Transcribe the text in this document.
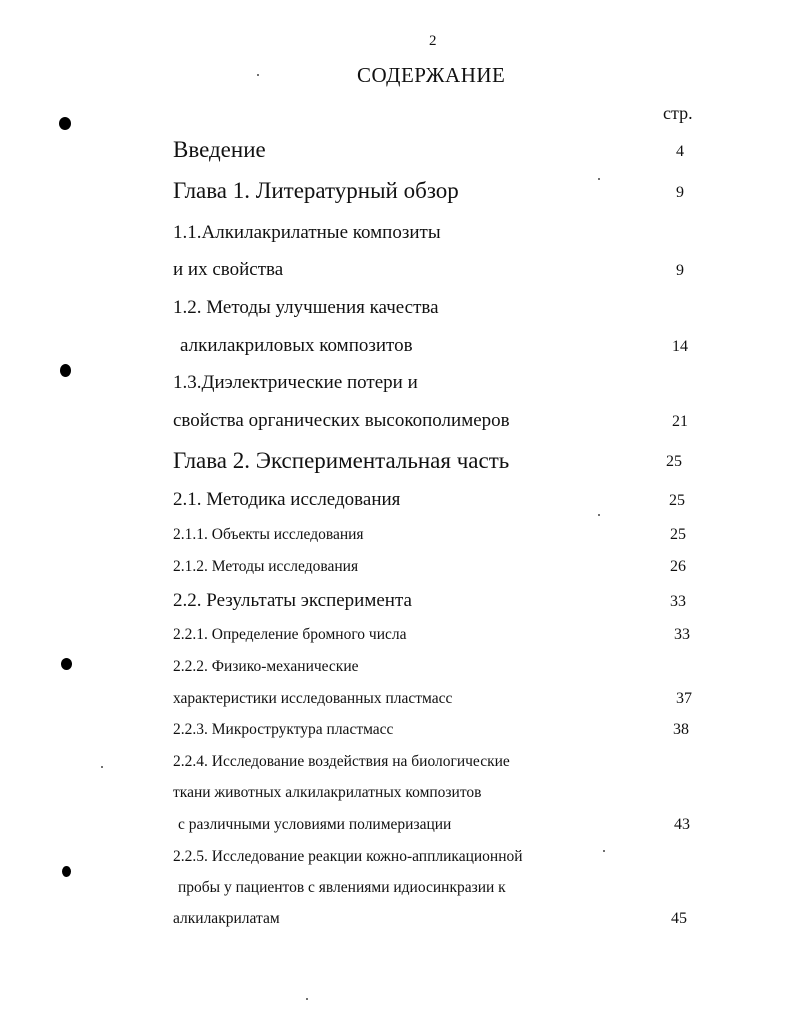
2
СОДЕРЖАНИЕ
стр.
Введение	4
Глава 1. Литературный обзор	9
1.1.Алкилакрилатные композиты
и их свойства	9
1.2. Методы улучшения качества
алкилакриловых композитов	14
1.3.Диэлектрические потери и
свойства органических высокополимеров	21
Глава 2. Экспериментальная часть	25
2.1. Методика исследования	25
2.1.1. Объекты исследования	25
2.1.2. Методы исследования	26
2.2. Результаты эксперимента	33
2.2.1. Определение бромного числа	33
2.2.2. Физико-механические
характеристики исследованных пластмасс	37
2.2.3. Микроструктура пластмасс	38
2.2.4. Исследование воздействия на биологические
ткани животных алкилакрилатных композитов
с различными условиями полимеризации	43
2.2.5. Исследование реакции кожно-аппликационной
пробы у пациентов с явлениями идиосинкразии к
алкилакрилатам	45
